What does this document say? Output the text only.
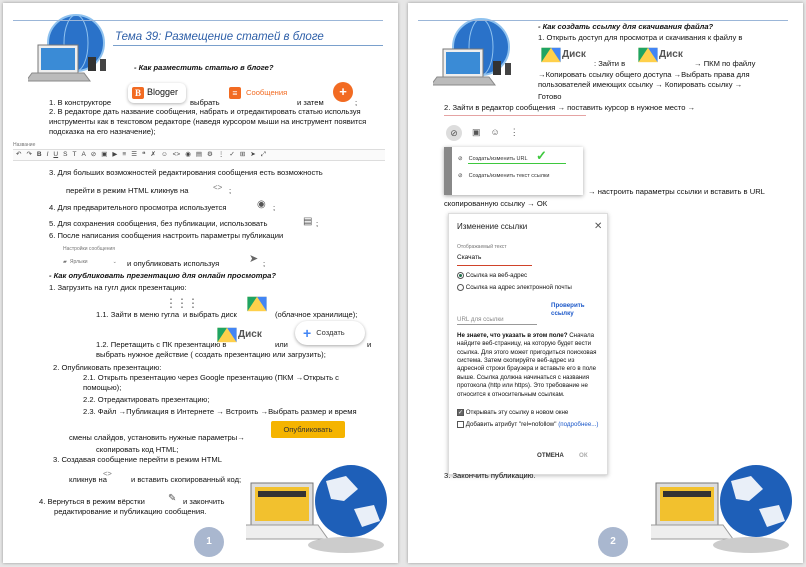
Тема 39: Размещение статей в блоге
- Как разместить статью в блоге?
1. В конструкторе
B Blogger
выбрать
≡	Сообщения
и затем
+
;
2. В редакторе дать название сообщения, набрать и отредактировать статью используя инструменты как в текстовом редакторе (наведя курсором мыши на инструмент появится подсказка на его назначение);
Название
↶ ↷ B I U S T A ⊘ ▣ ▶ ≡ ☰ ❝ ✗ ☺ <> ◉ ▤ ⚙ ⋮ ✓ ⊞ ➤ ⤢
3. Для больших возможностей редактирования сообщения есть возможность
перейти в режим HTML кликнув на	<> ;
4. Для предварительного просмотра используется	◉ ;
5. Для сохранения сообщения, без публикации, использовать	▤ ;
6. После написания сообщения настроить параметры публикации
Настройки сообщения
▰ Ярлыки	⌄ и опубликовать используя	➤ ;
- Как опубликовать презентацию для онлайн просмотра?
1. Загрузить на гугл диск презентацию:
1.1. Зайти в меню гугла
⋮⋮⋮
и выбрать диск	(облачное хранилище);
1.2. Перетащить с ПК презентацию в
Диск
или
+ Создать
и
выбрать нужное действие ( создать презентацию или загрузить);
2. Опубликовать презентацию:
2.1. Открыть презентацию через Google презентацию (ПКМ →Открыть с помощью);
2.2. Отредактировать презентацию;
2.3. Файл →Публикация в Интернете → Встроить →Выбрать размер и время
смены слайдов, установить нужные параметры→
Опубликовать
скопировать код HTML;
3. Создавая сообщение перейти в режим HTML
кликнув на
<>
и вставить скопированный код;
4. Вернуться в режим вёрстки ✎ и закончить
редактирование и публикацию сообщения.
1
- Как создать ссылку для скачивания файла?
1. Открыть доступ для просмотра и скачивания к файлу в
Диск
: Зайти в
Диск
→ ПКМ по файлу
→Копировать ссылку общего доступа →Выбрать права для пользователей имеющих ссылку → Копировать ссылку →
Готово
2. Зайти в редактор сообщения → поставить курсор в нужное место →
⊘	▣ ☺ ⋮
⊘ Создать/изменить URL ✓
⊘ Создать/изменить текст ссылки
→ настроить параметры ссылки и вставить в URL
скопированную ссылку → ОК
Изменение ссылки	✕
Отображаемый текст
Скачать
Ссылка на веб-адрес
Ссылка на адрес электронной почты
URL для ссылки
Проверить ссылку
Не знаете, что указать в этом поле? Сначала найдите веб-страницу, на которую будет вести ссылка. Для этого может пригодиться поисковая система. Затем скопируйте веб-адрес из адресной строки браузера и вставьте его в поле выше. Ссылка должна начинаться с названия протокола (http или https). Это требование не относится к относительным ссылкам.
✓ Открывать эту ссылку в новом окне
Добавить атрибут "rel=nofollow" (подробнее...)
ОТМЕНА ОК
3. Закончить публикацию.
2
